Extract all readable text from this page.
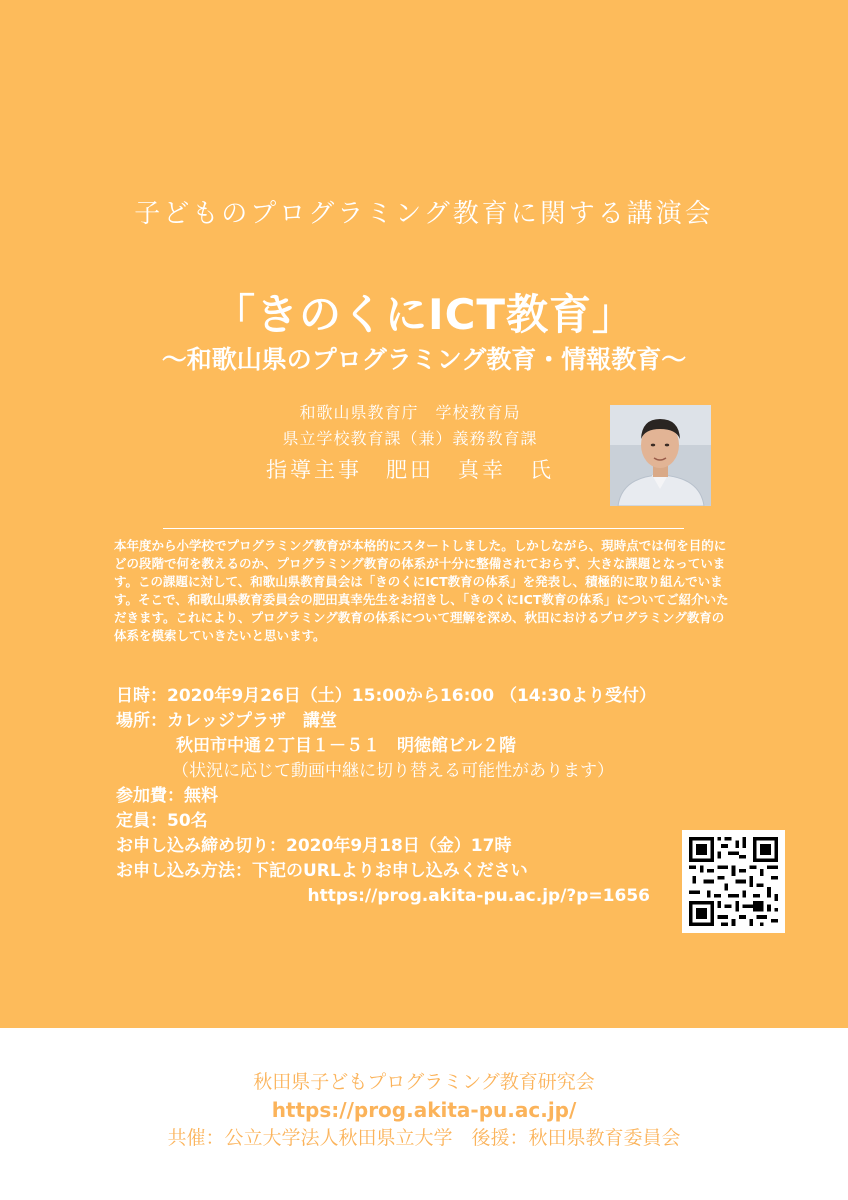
子どものプログラミング教育に関する講演会
「きのくにICT教育」
〜和歌山県のプログラミング教育・情報教育〜
和歌山県教育庁　学校教育局
県立学校教育課（兼）義務教育課
指導主事　肥田　真幸　氏
本年度から小学校でプログラミング教育が本格的にスタートしました。しかしながら、現時点では何を目的にどの段階で何を教えるのか、プログラミング教育の体系が十分に整備されておらず、大きな課題となっています。この課題に対して、和歌山県教育員会は「きのくにICT教育の体系」を発表し、積極的に取り組んでいます。そこで、和歌山県教育委員会の肥田真幸先生をお招きし、「きのくにICT教育の体系」についてご紹介いただきます。これにより、プログラミング教育の体系について理解を深め、秋田におけるプログラミング教育の体系を模索していきたいと思います。
日時：2020年9月26日（土）15:00から16:00 （14:30より受付）
場所：カレッジプラザ　講堂
秋田市中通２丁目１－５１　明徳館ビル２階
（状況に応じて動画中継に切り替える可能性があります）
参加費：無料
定員：50名
お申し込み締め切り：2020年9月18日（金）17時
お申し込み方法：下記のURLよりお申し込みください
https://prog.akita-pu.ac.jp/?p=1656
秋田県子どもプログラミング教育研究会
https://prog.akita-pu.ac.jp/
共催：公立大学法人秋田県立大学　後援：秋田県教育委員会
